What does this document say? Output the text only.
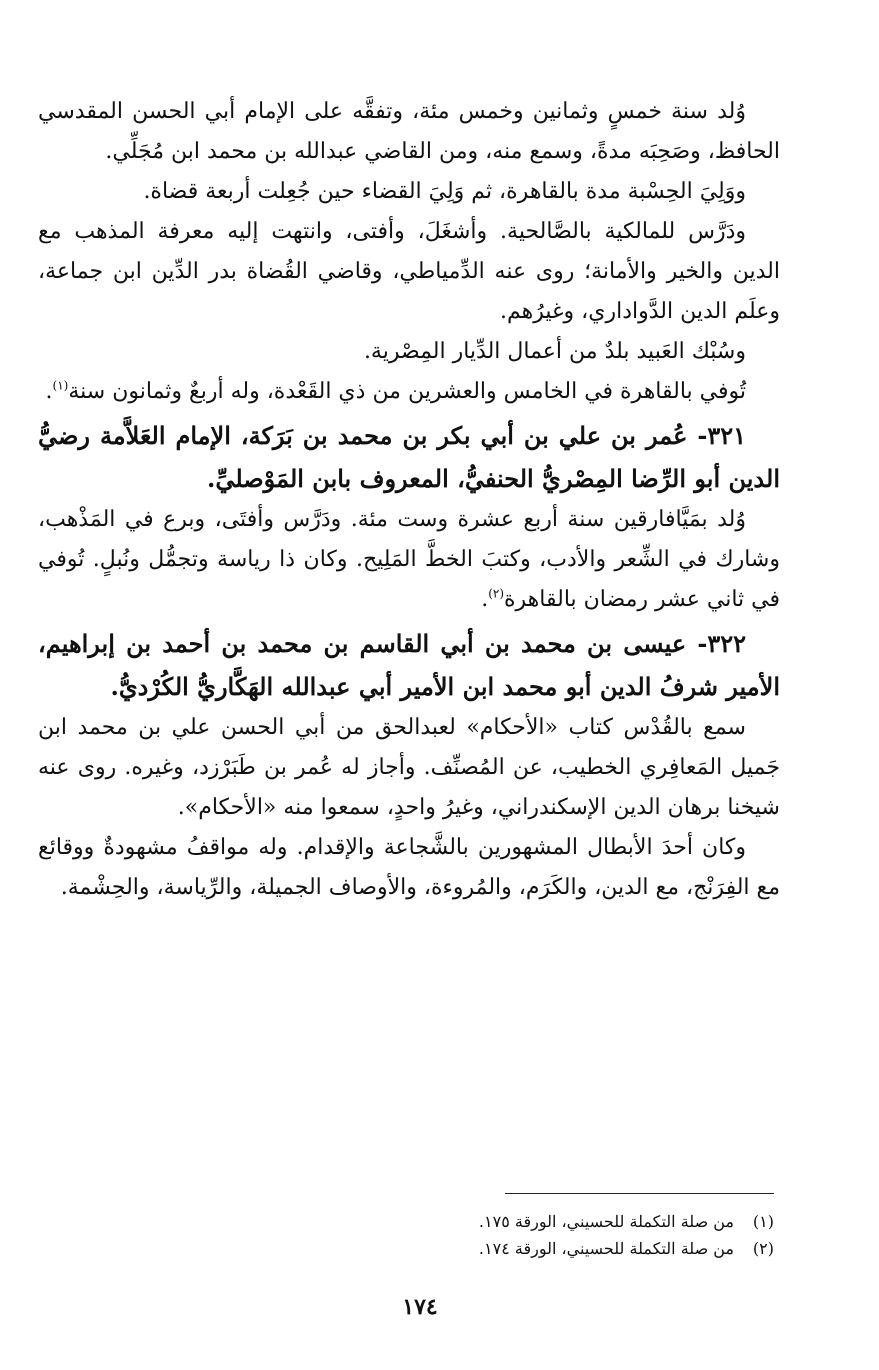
وُلد سنة خمسٍ وثمانين وخمس مئة، وتفقَّه على الإمام أبي الحسن المقدسي الحافظ، وصَحِبَه مدةً، وسمع منه، ومن القاضي عبدالله بن محمد ابن مُجَلِّي.

ووَلِيَ الحِسْبة مدة بالقاهرة، ثم وَلِيَ القضاء حين جُعِلت أربعة قضاة.

ودَرَّس للمالكية بالصَّالحية. وأشغَلَ، وأفتى، وانتهت إليه معرفة المذهب مع الدين والخير والأمانة؛ روى عنه الدِّمياطي، وقاضي القُضاة بدر الدِّين ابن جماعة، وعلَم الدين الدَّواداري، وغيرُهم.

وسُبْك العَبيد بلدٌ من أعمال الدِّيار المِصْرية.

تُوفي بالقاهرة في الخامس والعشرين من ذي القَعْدة، وله أربعٌ وثمانون سنة$^{(١)}$.

٣٢١- عُمر بن علي بن أبي بكر بن محمد بن بَرَكة، الإمام العَلاَّمة رضيُّ الدين أبو الرِّضا المِصْريُّ الحنفيُّ، المعروف بابن المَوْصليِّ.

وُلد بمَيَّافارقين سنة أربع عشرة وست مئة. ودَرَّس وأفتَى، وبرع في المَذْهب، وشارك في الشِّعر والأدب، وكتبَ الخطَّ المَلِيح. وكان ذا رياسة وتجمُّل ونُبلٍ. تُوفي في ثاني عشر رمضان بالقاهرة$^{(٢)}$.

٣٢٢- عيسى بن محمد بن أبي القاسم بن محمد بن أحمد بن إبراهيم، الأمير شرفُ الدين أبو محمد ابن الأمير أبي عبدالله الهَكَّاريُّ الكُرْديُّ.

سمع بالقُدْس كتاب «الأحكام» لعبدالحق من أبي الحسن علي بن محمد ابن جَميل المَعافِري الخطيب، عن المُصنِّف. وأجاز له عُمر بن طَبَرْزد، وغيره. روى عنه شيخنا برهان الدين الإسكندراني، وغيرُ واحدٍ، سمعوا منه «الأحكام».

وكان أحدَ الأبطال المشهورين بالشَّجاعة والإقدام. وله مواقفُ مشهودةٌ ووقائع مع الفِرَنْج، مع الدين، والكَرَم، والمُروءة، والأوصاف الجميلة، والرِّياسة، والحِشْمة.

(١)
من صلة التكملة للحسيني، الورقة ١٧٥.
(٢)
من صلة التكملة للحسيني، الورقة ١٧٤.
١٧٤
